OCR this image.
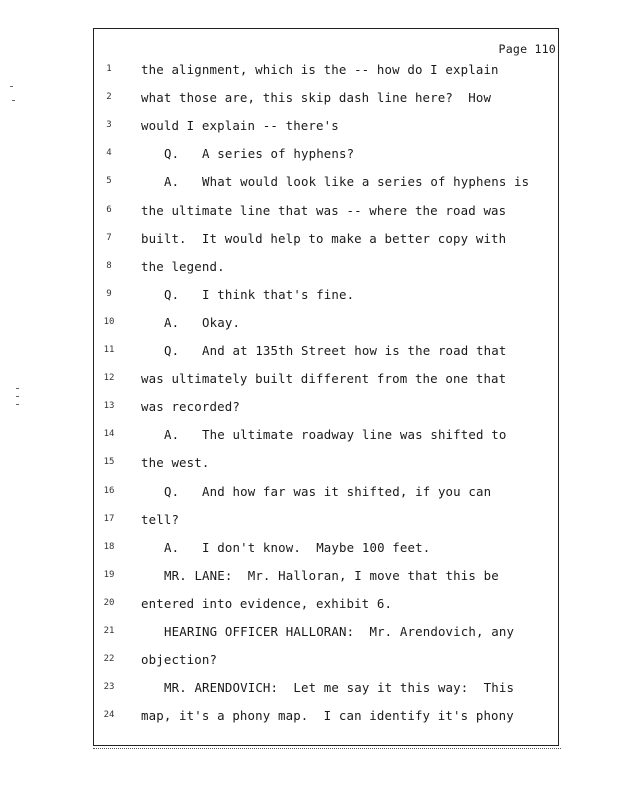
Page 110
1	the alignment, which is the -- how do I explain
2	what those are, this skip dash line here?  How
3	would I explain -- there's
4	Q.   A series of hyphens?
5	A.   What would look like a series of hyphens is
6	the ultimate line that was -- where the road was
7	built.  It would help to make a better copy with
8	the legend.
9	Q.   I think that's fine.
10	A.   Okay.
11	Q.   And at 135th Street how is the road that
12	was ultimately built different from the one that
13	was recorded?
14	A.   The ultimate roadway line was shifted to
15	the west.
16	Q.   And how far was it shifted, if you can
17	tell?
18	A.   I don't know.  Maybe 100 feet.
19	MR. LANE:  Mr. Halloran, I move that this be
20	entered into evidence, exhibit 6.
21	HEARING OFFICER HALLORAN:  Mr. Arendovich, any
22	objection?
23	MR. ARENDOVICH:  Let me say it this way:  This
24	map, it's a phony map.  I can identify it's phony
